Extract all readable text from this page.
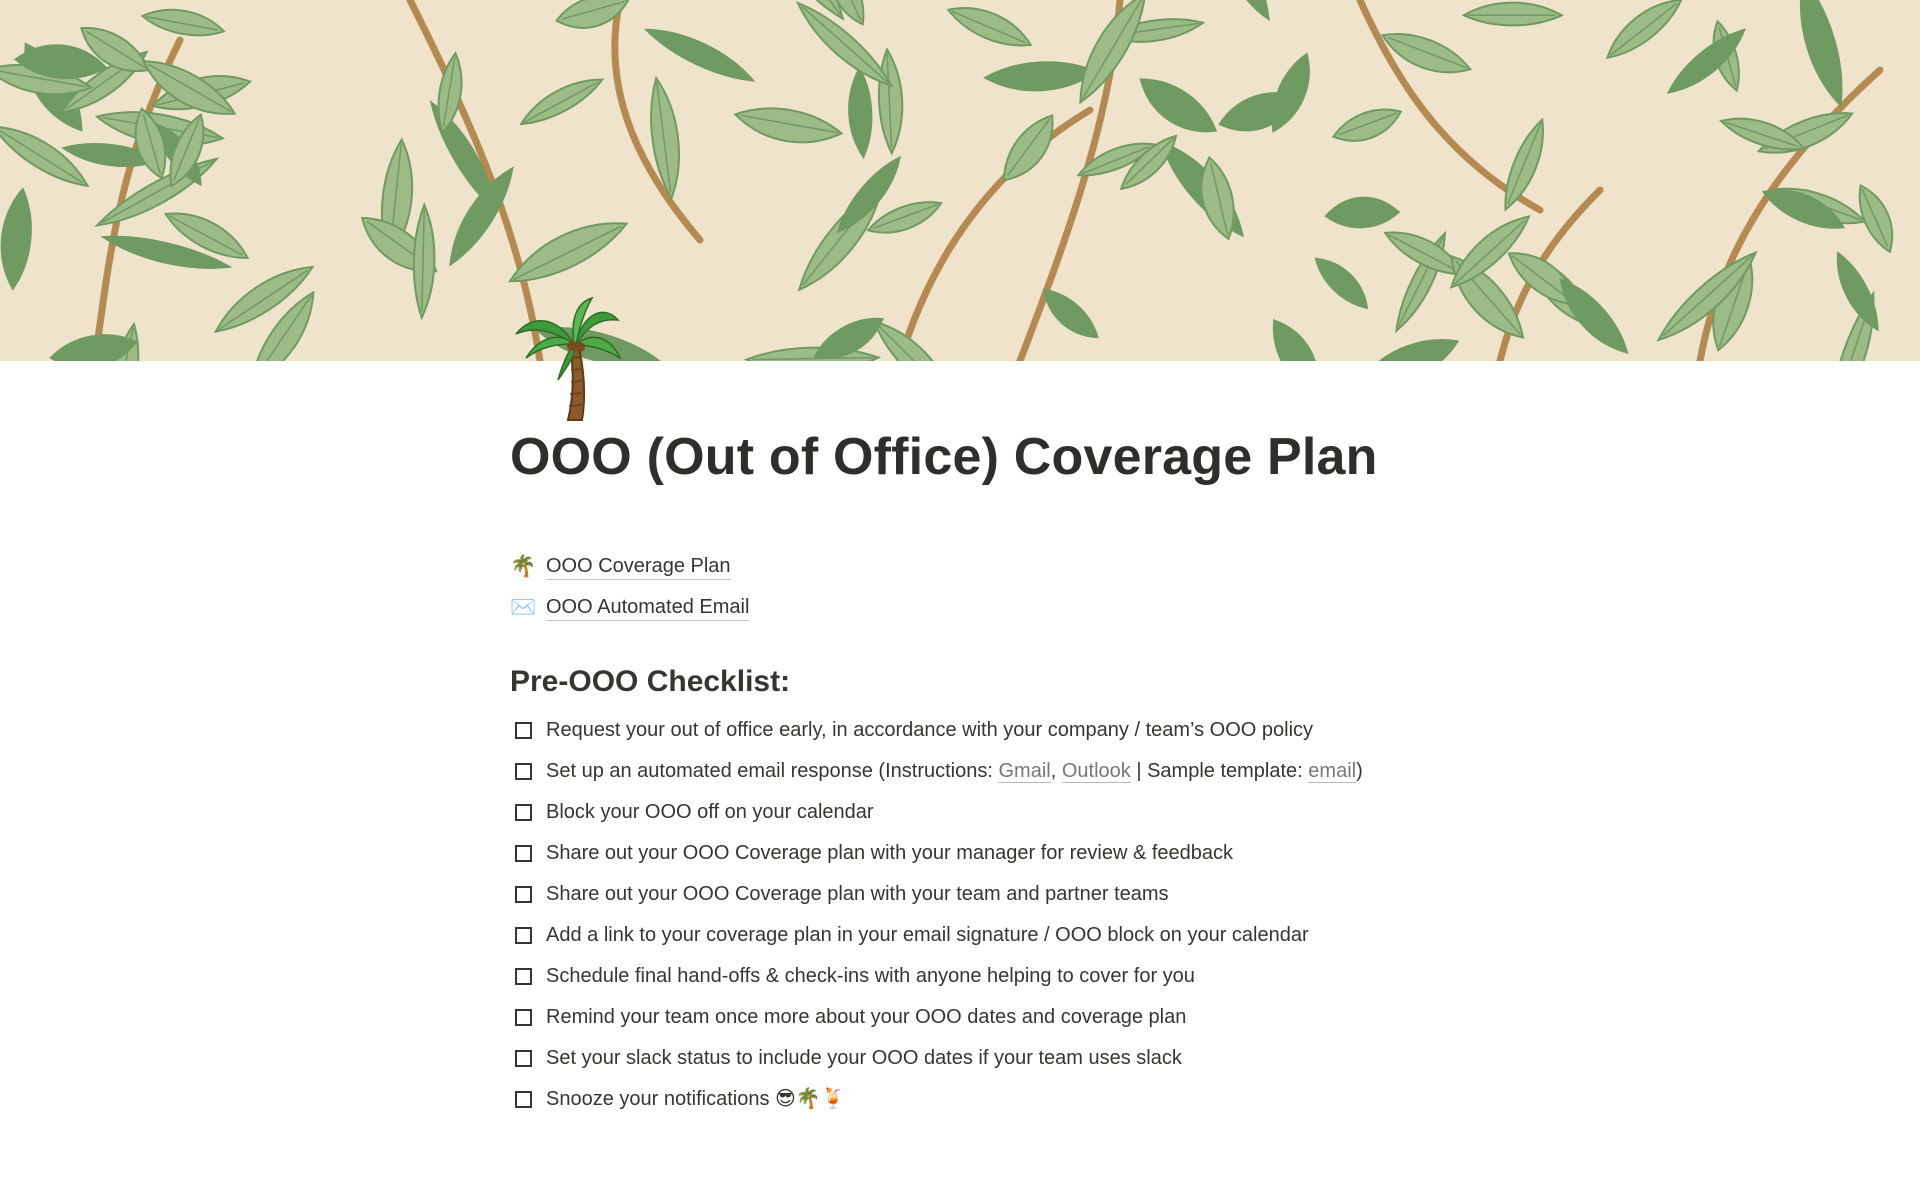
OOO (Out of Office) Coverage Plan
🌴 OOO Coverage Plan
✉️ OOO Automated Email
Pre-OOO Checklist:
Request your out of office early, in accordance with your company / team’s OOO policy
Set up an automated email response (Instructions: Gmail, Outlook | Sample template: email)
Block your OOO off on your calendar
Share out your OOO Coverage plan with your manager for review & feedback
Share out your OOO Coverage plan with your team and partner teams
Add a link to your coverage plan in your email signature / OOO block on your calendar
Schedule final hand-offs & check-ins with anyone helping to cover for you
Remind your team once more about your OOO dates and coverage plan
Set your slack status to include your OOO dates if your team uses slack
Snooze your notifications 😎🌴🍹
